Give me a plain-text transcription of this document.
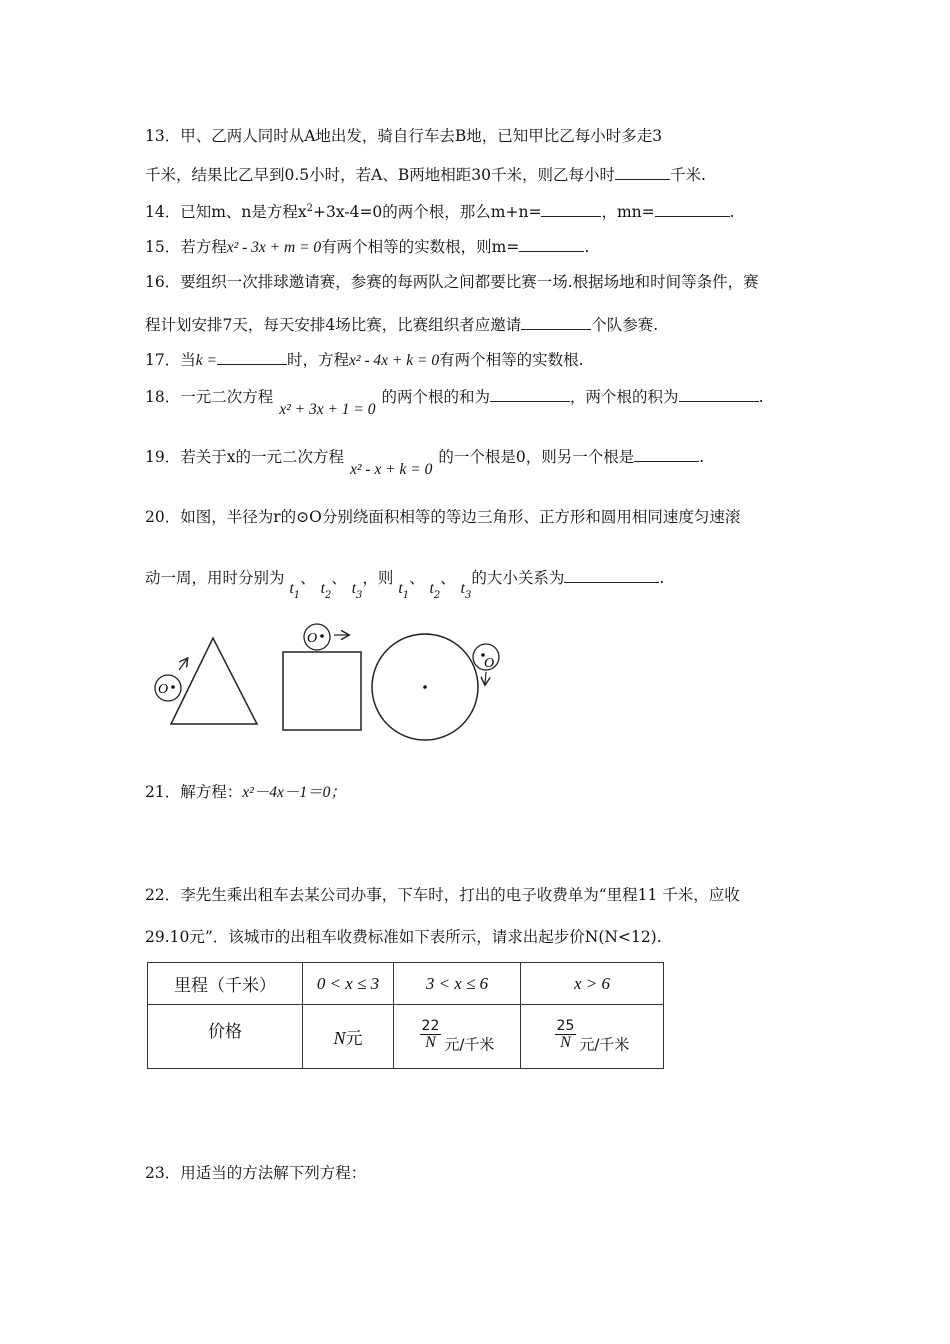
13．甲、乙两人同时从A地出发，骑自行车去B地，已知甲比乙每小时多走3
千米，结果比乙早到0.5小时，若A、B两地相距30千米，则乙每小时	千米.
14．已知m、n是方程$x^2+3x-4=0$的两个根，那么m+n=	，mn=	.
15．若方程x² - 3x + m = 0有两个相等的实数根，则m=	.
16．要组织一次排球邀请赛，参赛的每两队之间都要比赛一场.根据场地和时间等条件，赛
程计划安排7天，每天安排4场比赛，比赛组织者应邀请	个队参赛.
17．当k =	时，方程x² - 4x + k = 0有两个相等的实数根.
18．一元二次方程x² + 3x + 1 = 0的两个根的和为	，两个根的积为	.
19．若关于x的一元二次方程x² - x + k = 0的一个根是0，则另一个根是	.
20．如图，半径为r的⊙O分别绕面积相等的等边三角形、正方形和圆用相同速度匀速滚
动一周，用时分别为 $t_1$、 $t_2$、 $t_3$，则 $t_1$、 $t_2$、 $t_3$的大小关系为	.
O
O
O
21．解方程：x²－4x－1＝0；
22．李先生乘出租车去某公司办事，下车时，打出的电子收费单为“里程11 千米，应收
29.10元”．该城市的出租车收费标准如下表所示，请求出起步价N(N<12).
里程（千米）	0 < x ≤ 3	3 < x ≤ 6	x > 6
价格	N元	$\frac{22}{N}$ 元/千米	$\frac{25}{N}$ 元/千米
23．用适当的方法解下列方程：
